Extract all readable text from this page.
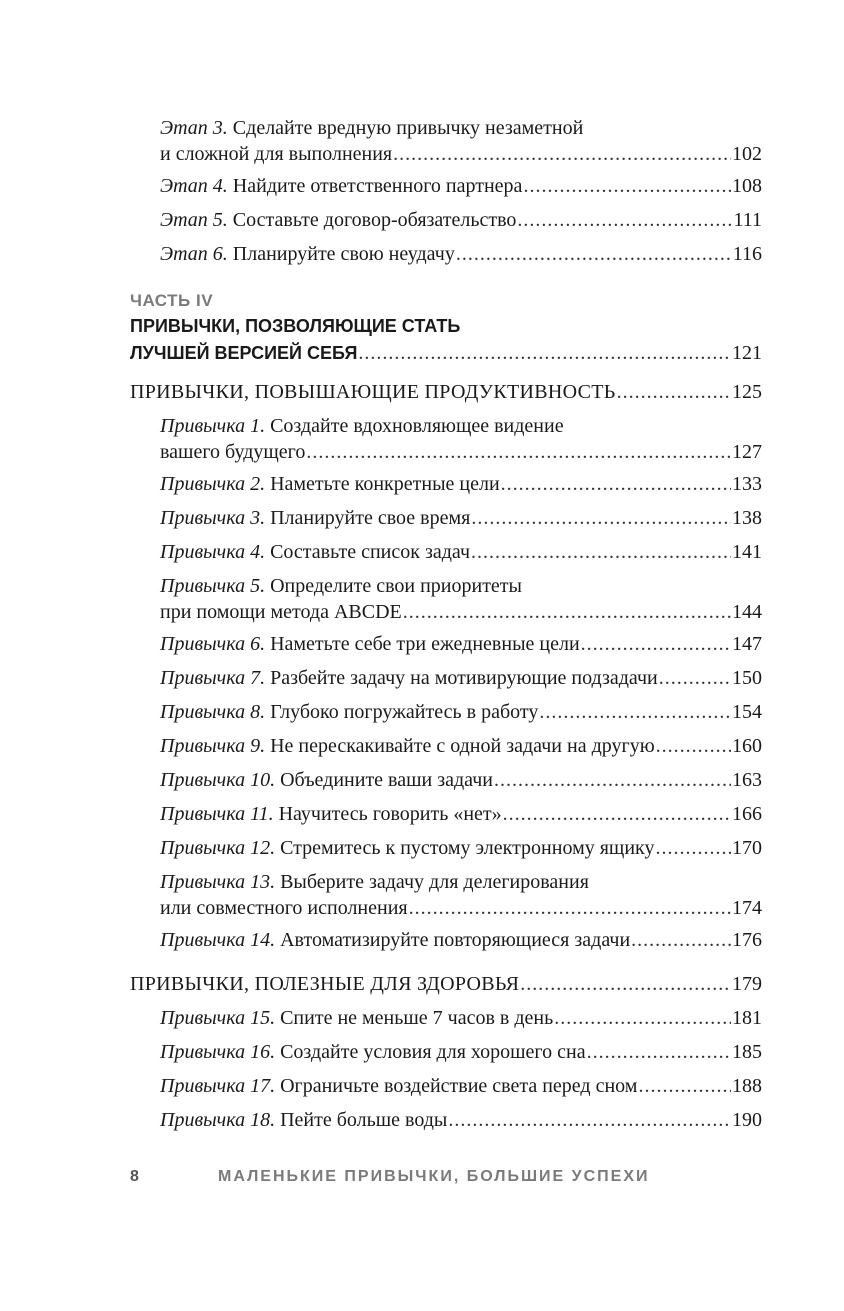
Этап 3. Сделайте вредную привычку незаметной
и сложной для выполнения .....	102
Этап 4. Найдите ответственного партнера .....	108
Этап 5. Составьте договор-обязательство .....	111
Этап 6. Планируйте свою неудачу .....	116
ЧАСТЬ IV
ПРИВЫЧКИ, ПОЗВОЛЯЮЩИЕ СТАТЬ
ЛУЧШЕЙ ВЕРСИЕЙ СЕБЯ .....	121
ПРИВЫЧКИ, ПОВЫШАЮЩИЕ ПРОДУКТИВНОСТЬ .....	125
Привычка 1. Создайте вдохновляющее видение
вашего будущего .....	127
Привычка 2. Наметьте конкретные цели .....	133
Привычка 3. Планируйте свое время .....	138
Привычка 4. Составьте список задач .....	141
Привычка 5. Определите свои приоритеты
при помощи метода ABCDE .....	144
Привычка 6. Наметьте себе три ежедневные цели .....	147
Привычка 7. Разбейте задачу на мотивирующие подзадачи .....	150
Привычка 8. Глубоко погружайтесь в работу .....	154
Привычка 9. Не перескакивайте с одной задачи на другую .....	160
Привычка 10. Объедините ваши задачи .....	163
Привычка 11. Научитесь говорить «нет» .....	166
Привычка 12. Стремитесь к пустому электронному ящику .....	170
Привычка 13. Выберите задачу для делегирования
или совместного исполнения .....	174
Привычка 14. Автоматизируйте повторяющиеся задачи .....	176
ПРИВЫЧКИ, ПОЛЕЗНЫЕ ДЛЯ ЗДОРОВЬЯ .....	179
Привычка 15. Спите не меньше 7 часов в день .....	181
Привычка 16. Создайте условия для хорошего сна .....	185
Привычка 17. Ограничьте воздействие света перед сном .....	188
Привычка 18. Пейте больше воды .....	190
8	МАЛЕНЬКИЕ ПРИВЫЧКИ, БОЛЬШИЕ УСПЕХИ
